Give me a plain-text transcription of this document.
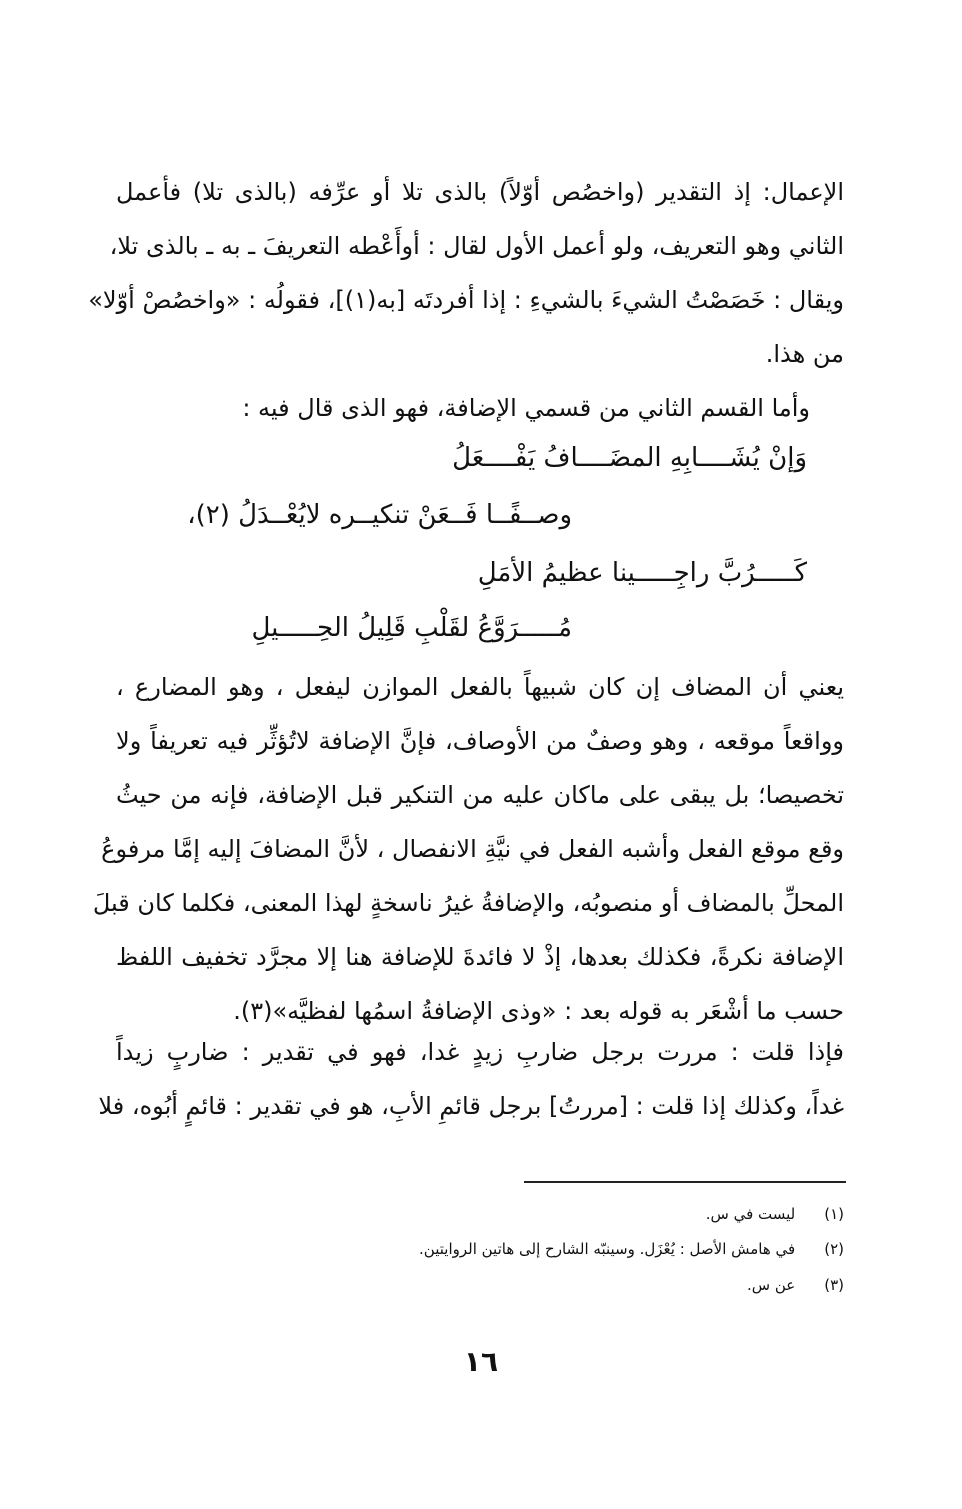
الإعمال: إذ التقدير (واخصُص أوّلاً) بالذى تلا أو عرِّفه (بالذى تلا) فأعمل
الثاني وهو التعريف، ولو أعمل الأول لقال : أوأَعْطه التعريفَ ـ به ـ بالذى تلا،
ويقال : خَصَصْتُ الشيءَ بالشيءِ : إذا أفردتَه [به(١)]، فقولُه : «واخصُصْ أوّلا»
من هذا.
وأما القسم الثاني من قسمي الإضافة، فهو الذى قال فيه :
وَإنْ يُشَــــابِهِ المضَــــافُ يَفْــــعَلُ
وصــفًــا فَــعَنْ تنكيــره لايُعْــدَلُ (٢)،
كَـــــرُبَّ راجِـــــينا عظيمُ الأمَلِ
مُـــــرَوَّعُ لقَلْبِ قَلِيلُ الحِـــــيلِ
يعني أن المضاف إن كان شبيهاً بالفعل الموازن ليفعل ، وهو المضارع ،
وواقعاً موقعه ، وهو وصفٌ من الأوصاف، فإنَّ الإضافة لاتُؤثِّر فيه تعريفاً ولا
تخصيصا؛ بل يبقى على ماكان عليه من التنكير قبل الإضافة، فإنه من حيثُ
وقع موقع الفعل وأشبه الفعل في نيَّةِ الانفصال ، لأنَّ المضافَ إليه إمَّا مرفوعُ
المحلِّ بالمضاف أو منصوبُه، والإضافةُ غيرُ ناسخةٍ لهذا المعنى، فكلما كان قبلَ
الإضافة نكرةً، فكذلك بعدها، إذْ لا فائدةَ للإضافة هنا إلا مجرَّد تخفيف اللفظ
حسب ما أشْعَر به قوله بعد : «وذى الإضافةُ اسمُها لفظيَّه»(٣).
فإذا قلت : مررت برجل ضاربِ زيدٍ غدا، فهو في تقدير : ضاربٍ زيداً
غداً، وكذلك إذا قلت : [مررتُ] برجل قائمِ الأبِ، هو في تقدير : قائمٍ أبُوه، فلا
(١) ليست في س.
(٢) في هامش الأصل : يُعْزَل. وسينبّه الشارح إلى هاتين الروايتين.
(٣) عن س.
١٦
